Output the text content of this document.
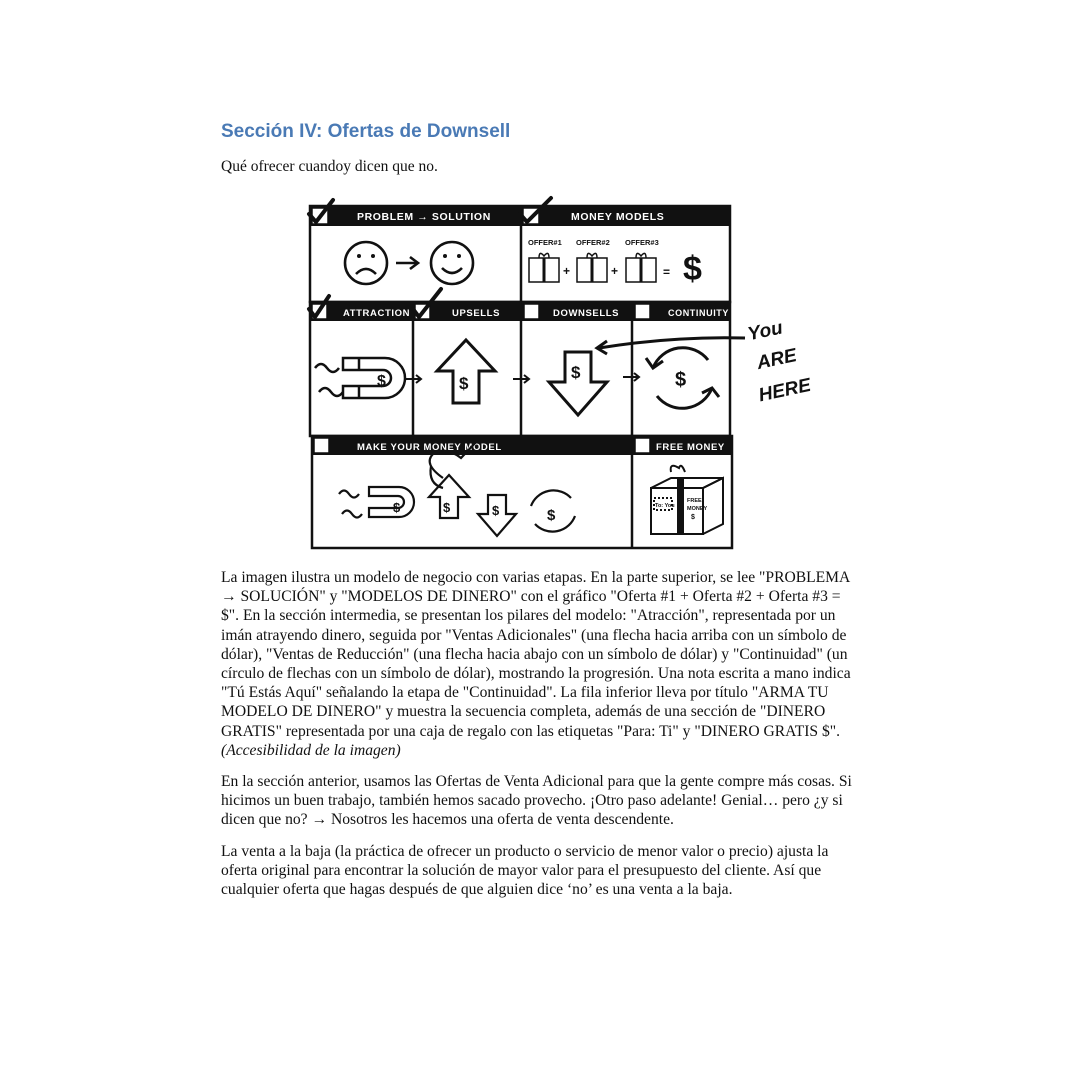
Sección IV: Ofertas de Downsell

Qué ofrecer cuandoy dicen que no.

PROBLEM → SOLUTION	MONEY MODELS
ATTRACTION	UPSELLS	DOWNSELLS	CONTINUITY
MAKE YOUR MONEY MODEL	FREE MONEY
OFFER#1 OFFER#2 OFFER#3
+	+	= $
$	$
$	$
You
ARE
HERE
$	$	$	$
To: You
FREE
MONEY
$

La imagen ilustra un modelo de negocio con varias etapas. En la parte superior, se lee "PROBLEMA → SOLUCIÓN" y "MODELOS DE DINERO" con el gráfico "Oferta #1 + Oferta #2 + Oferta #3 = $". En la sección intermedia, se presentan los pilares del modelo: "Atracción", representada por un imán atrayendo dinero, seguida por "Ventas Adicionales" (una flecha hacia arriba con un símbolo de dólar), "Ventas de Reducción" (una flecha hacia abajo con un símbolo de dólar) y "Continuidad" (un círculo de flechas con un símbolo de dólar), mostrando la progresión. Una nota escrita a mano indica "Tú Estás Aquí" señalando la etapa de "Continuidad". La fila inferior lleva por título "ARMA TU MODELO DE DINERO" y muestra la secuencia completa, además de una sección de "DINERO GRATIS" representada por una caja de regalo con las etiquetas "Para: Ti" y "DINERO GRATIS $". (Accesibilidad de la imagen)

En la sección anterior, usamos las Ofertas de Venta Adicional para que la gente compre más cosas. Si hicimos un buen trabajo, también hemos sacado provecho. ¡Otro paso adelante! Genial… pero ¿y si dicen que no? → Nosotros les hacemos una oferta de venta descendente.

La venta a la baja (la práctica de ofrecer un producto o servicio de menor valor o precio) ajusta la oferta original para encontrar la solución de mayor valor para el presupuesto del cliente. Así que cualquier oferta que hagas después de que alguien dice ‘no’ es una venta a la baja.
